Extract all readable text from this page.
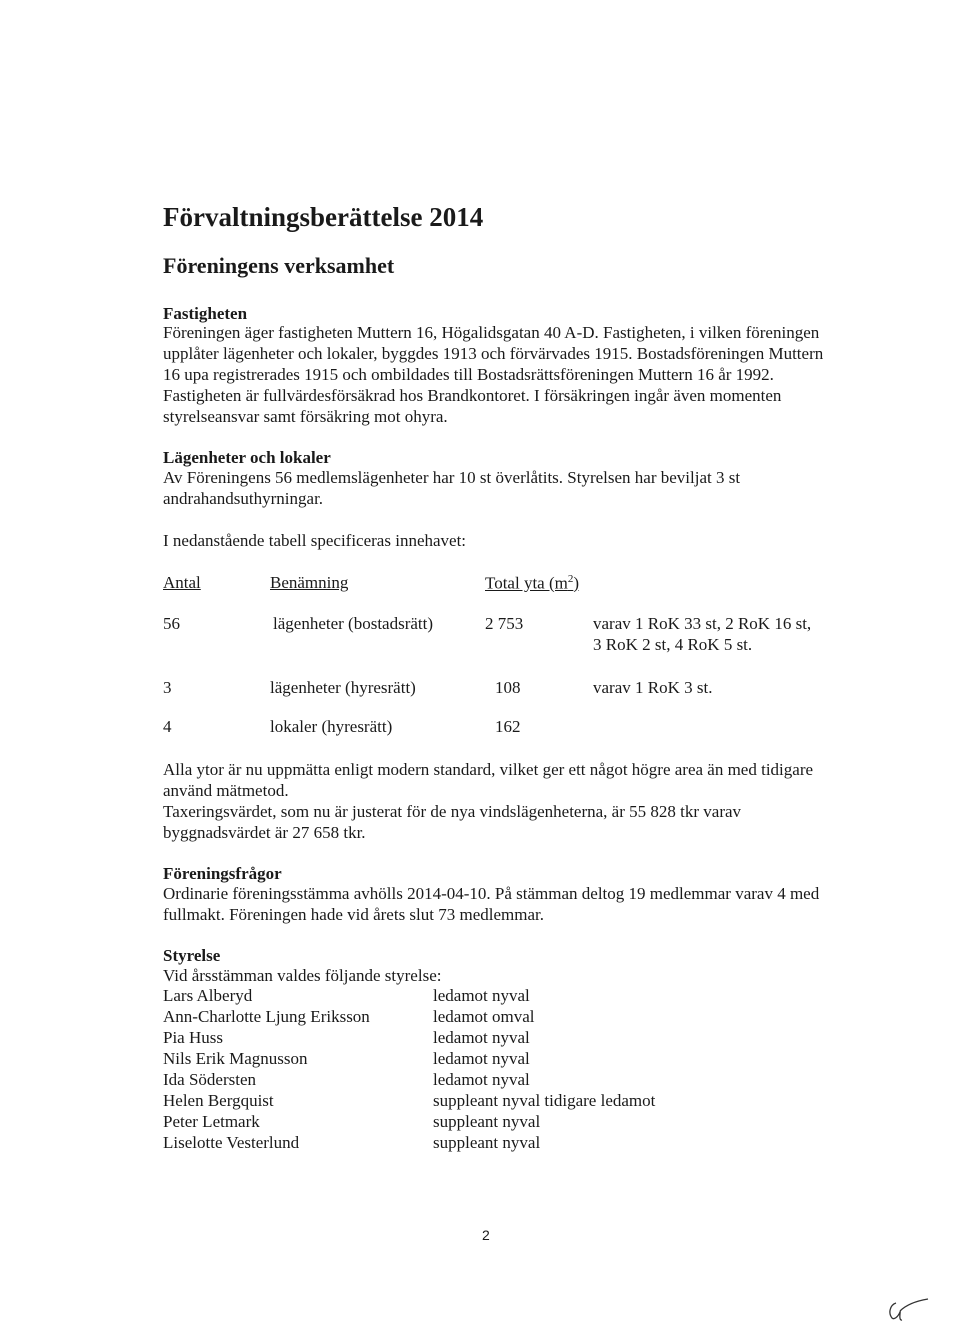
Förvaltningsberättelse 2014
Föreningens verksamhet
Fastigheten
Föreningen äger fastigheten Muttern 16, Högalidsgatan 40 A-D. Fastigheten, i vilken föreningen
upplåter lägenheter och lokaler, byggdes 1913 och förvärvades 1915. Bostadsföreningen Muttern
16 upa registrerades 1915 och ombildades till Bostadsrättsföreningen Muttern 16 år 1992.
Fastigheten är fullvärdesförsäkrad hos Brandkontoret. I försäkringen ingår även momenten
styrelseansvar samt försäkring mot ohyra.
Lägenheter och lokaler
Av Föreningens 56 medlemslägenheter har 10 st överlåtits. Styrelsen har beviljat 3 st
andrahandsuthyrningar.
I nedanstående tabell specificeras innehavet:
Antal	Benämning	Total yta $(m^2)$
56	lägenheter (bostadsrätt)	2 753	varav 1 RoK 33 st, 2 RoK 16 st,
3 RoK 2 st, 4 RoK 5 st.
3	lägenheter (hyresrätt)	108	varav 1 RoK 3 st.
4	lokaler (hyresrätt)	162
Alla ytor är nu uppmätta enligt modern standard, vilket ger ett något högre area än med tidigare
använd mätmetod.
Taxeringsvärdet, som nu är justerat för de nya vindslägenheterna, är 55 828 tkr varav
byggnadsvärdet är 27 658 tkr.
Föreningsfrågor
Ordinarie föreningsstämma avhölls 2014-04-10. På stämman deltog 19 medlemmar varav 4 med
fullmakt. Föreningen hade vid årets slut 73 medlemmar.
Styrelse
Vid årsstämman valdes följande styrelse:
Lars Alberyd	ledamot nyval
Ann-Charlotte Ljung Eriksson	ledamot omval
Pia Huss	ledamot nyval
Nils Erik Magnusson	ledamot nyval
Ida Södersten	ledamot nyval
Helen Bergquist	suppleant nyval tidigare ledamot
Peter Letmark	suppleant nyval
Liselotte Vesterlund	suppleant nyval
2
